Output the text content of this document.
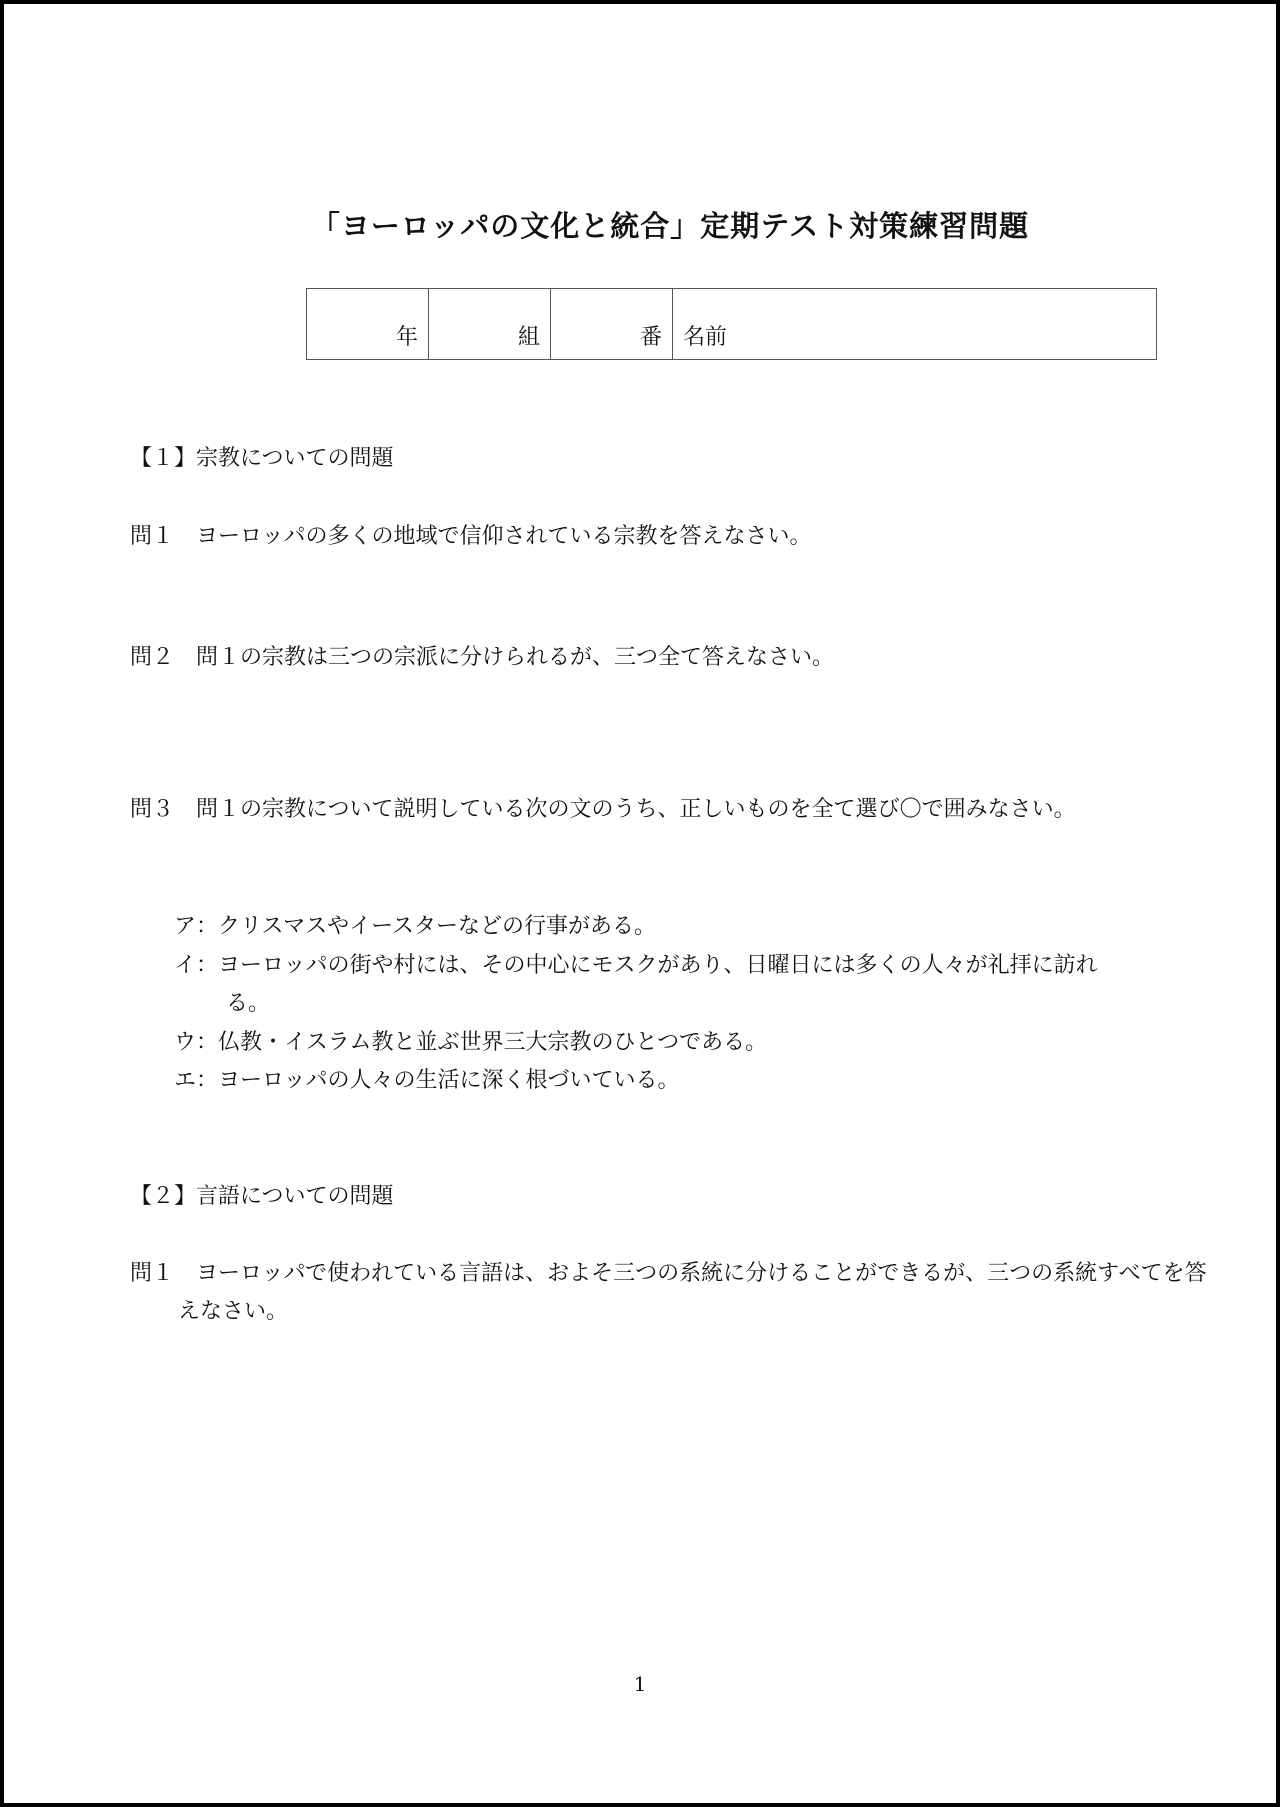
「ヨーロッパの文化と統合」定期テスト対策練習問題
年	組	番	名前
【１】宗教についての問題
問１　ヨーロッパの多くの地域で信仰されている宗教を答えなさい。
問２　問１の宗教は三つの宗派に分けられるが、三つ全て答えなさい。
問３　問１の宗教について説明している次の文のうち、正しいものを全て選び〇で囲みなさい。
ア：クリスマスやイースターなどの行事がある。
イ：ヨーロッパの街や村には、その中心にモスクがあり、日曜日には多くの人々が礼拝に訪れる。
ウ：仏教・イスラム教と並ぶ世界三大宗教のひとつである。
エ：ヨーロッパの人々の生活に深く根づいている。
【２】言語についての問題
問１　ヨーロッパで使われている言語は、およそ三つの系統に分けることができるが、三つの系統すべてを答えなさい。
1
